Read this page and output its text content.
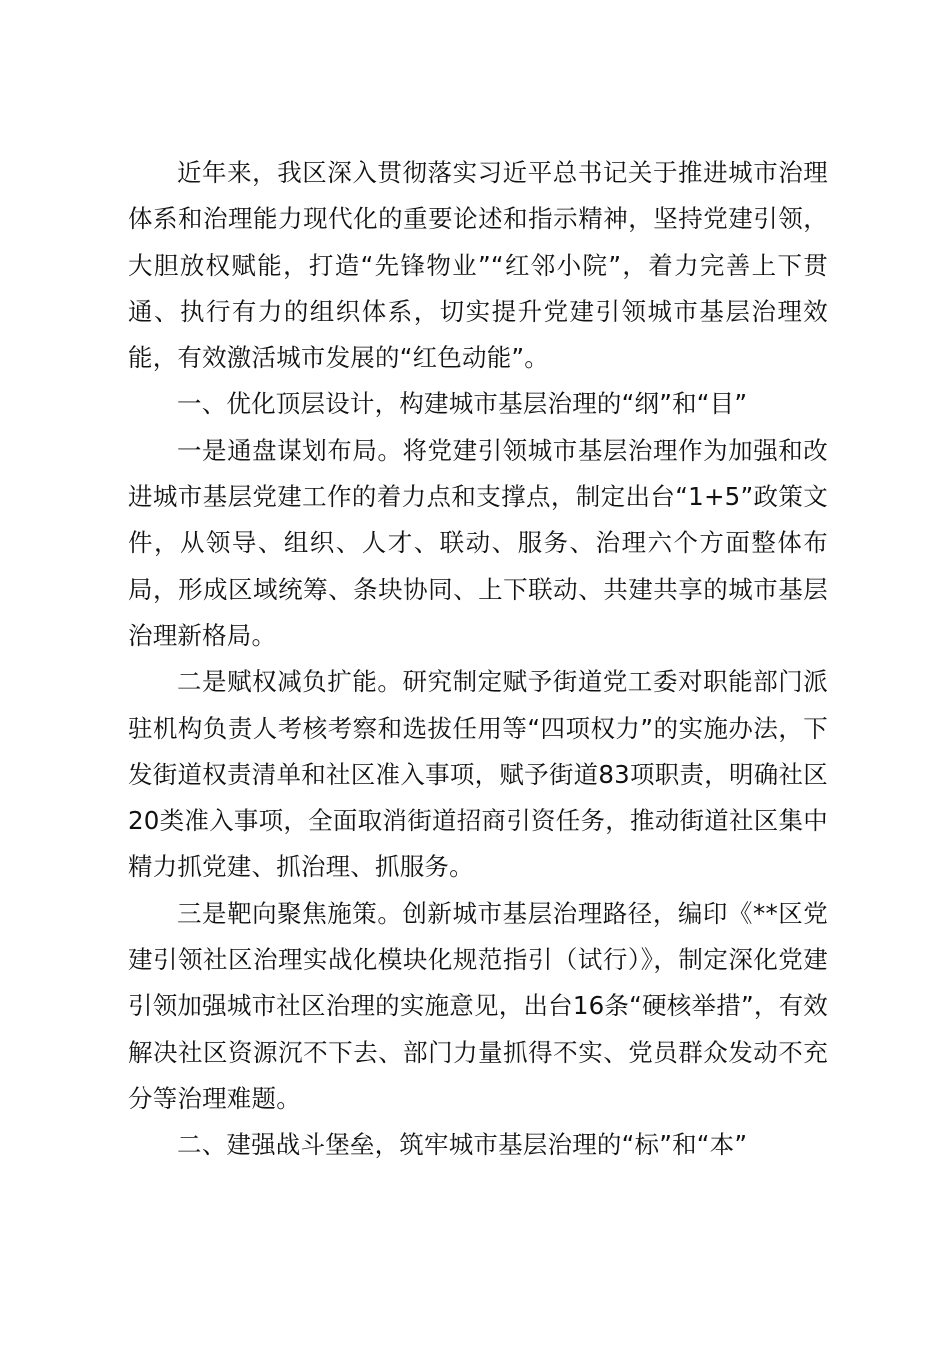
近年来，我区深入贯彻落实习近平总书记关于推进城市治理体系和治理能力现代化的重要论述和指示精神，坚持党建引领，大胆放权赋能，打造“先锋物业”“红邻小院”，着力完善上下贯通、执行有力的组织体系，切实提升党建引领城市基层治理效能，有效激活城市发展的“红色动能”。

一、优化顶层设计，构建城市基层治理的“纲”和“目”

一是通盘谋划布局。将党建引领城市基层治理作为加强和改进城市基层党建工作的着力点和支撑点，制定出台“1+5”政策文件，从领导、组织、人才、联动、服务、治理六个方面整体布局，形成区域统筹、条块协同、上下联动、共建共享的城市基层治理新格局。

二是赋权减负扩能。研究制定赋予街道党工委对职能部门派驻机构负责人考核考察和选拔任用等“四项权力”的实施办法，下发街道权责清单和社区准入事项，赋予街道83项职责，明确社区20类准入事项，全面取消街道招商引资任务，推动街道社区集中精力抓党建、抓治理、抓服务。

三是靶向聚焦施策。创新城市基层治理路径，编印《**区党建引领社区治理实战化模块化规范指引（试行）》，制定深化党建引领加强城市社区治理的实施意见，出台16条“硬核举措”，有效解决社区资源沉不下去、部门力量抓得不实、党员群众发动不充分等治理难题。

二、建强战斗堡垒，筑牢城市基层治理的“标”和“本”
